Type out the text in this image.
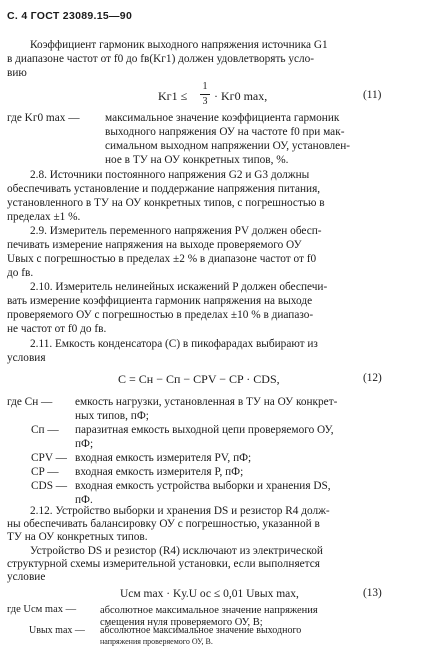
С. 4 ГОСТ 23089.15—90
Коэффициент гармоник выходного напряжения источника G1
в диапазоне частот от f0 до fв(Kг1) должен удовлетворять усло-
вию
Kг1 ≤
1
3 · Kг0 max,	(11)
где Kг0 max — максимальное значение коэффициента гармоник
выходного напряжения ОУ на частоте f0 при мак-
симальном выходном напряжении ОУ, установлен-
ное в ТУ на ОУ конкретных типов, %.
2.8. Источники постоянного напряжения G2 и G3 должны
обеспечивать установление и поддержание напряжения питания,
установленного в ТУ на ОУ конкретных типов, с погрешностью в
пределах ±1 %.
2.9. Измеритель переменного напряжения PV должен обесп-
печивать измерение напряжения на выходе проверяемого ОУ
Uвых с погрешностью в пределах ±2 % в диапазоне частот от f0
до fв.
2.10. Измеритель нелинейных искажений P должен обеспечи-
вать измерение коэффициента гармоник напряжения на выходе
проверяемого ОУ с погрешностью в пределах ±10 % в диапазо-
не частот от f0 до fв.
2.11. Емкость конденсатора (C) в пикофарадах выбирают из
условия
C = Cн − Cп − CPV − CP · CDS,	(12)
где Cн — емкость нагрузки, установленная в ТУ на ОУ конкрет-
ных типов, пФ;
Cп — паразитная емкость выходной цепи проверяемого ОУ,
пФ;
CPV — входная емкость измерителя PV, пФ;
CP — входная емкость измерителя P, пФ;
CDS — входная емкость устройства выборки и хранения DS,
пФ.
2.12. Устройство выборки и хранения DS и резистор R4 долж-
ны обеспечивать балансировку ОУ с погрешностью, указанной в
ТУ на ОУ конкретных типов.
Устройство DS и резистор (R4) исключают из электрической
структурной схемы измерительной установки, если выполняется
условие
Uсм max · Kу.U ос ≤ 0,01 Uвых max,	(13)
где Uсм max — абсолютное максимальное значение напряжения
смещения нуля проверяемого ОУ, В;
Uвых max — абсолютное максимальное значение выходного
напряжения проверяемого ОУ, В.
